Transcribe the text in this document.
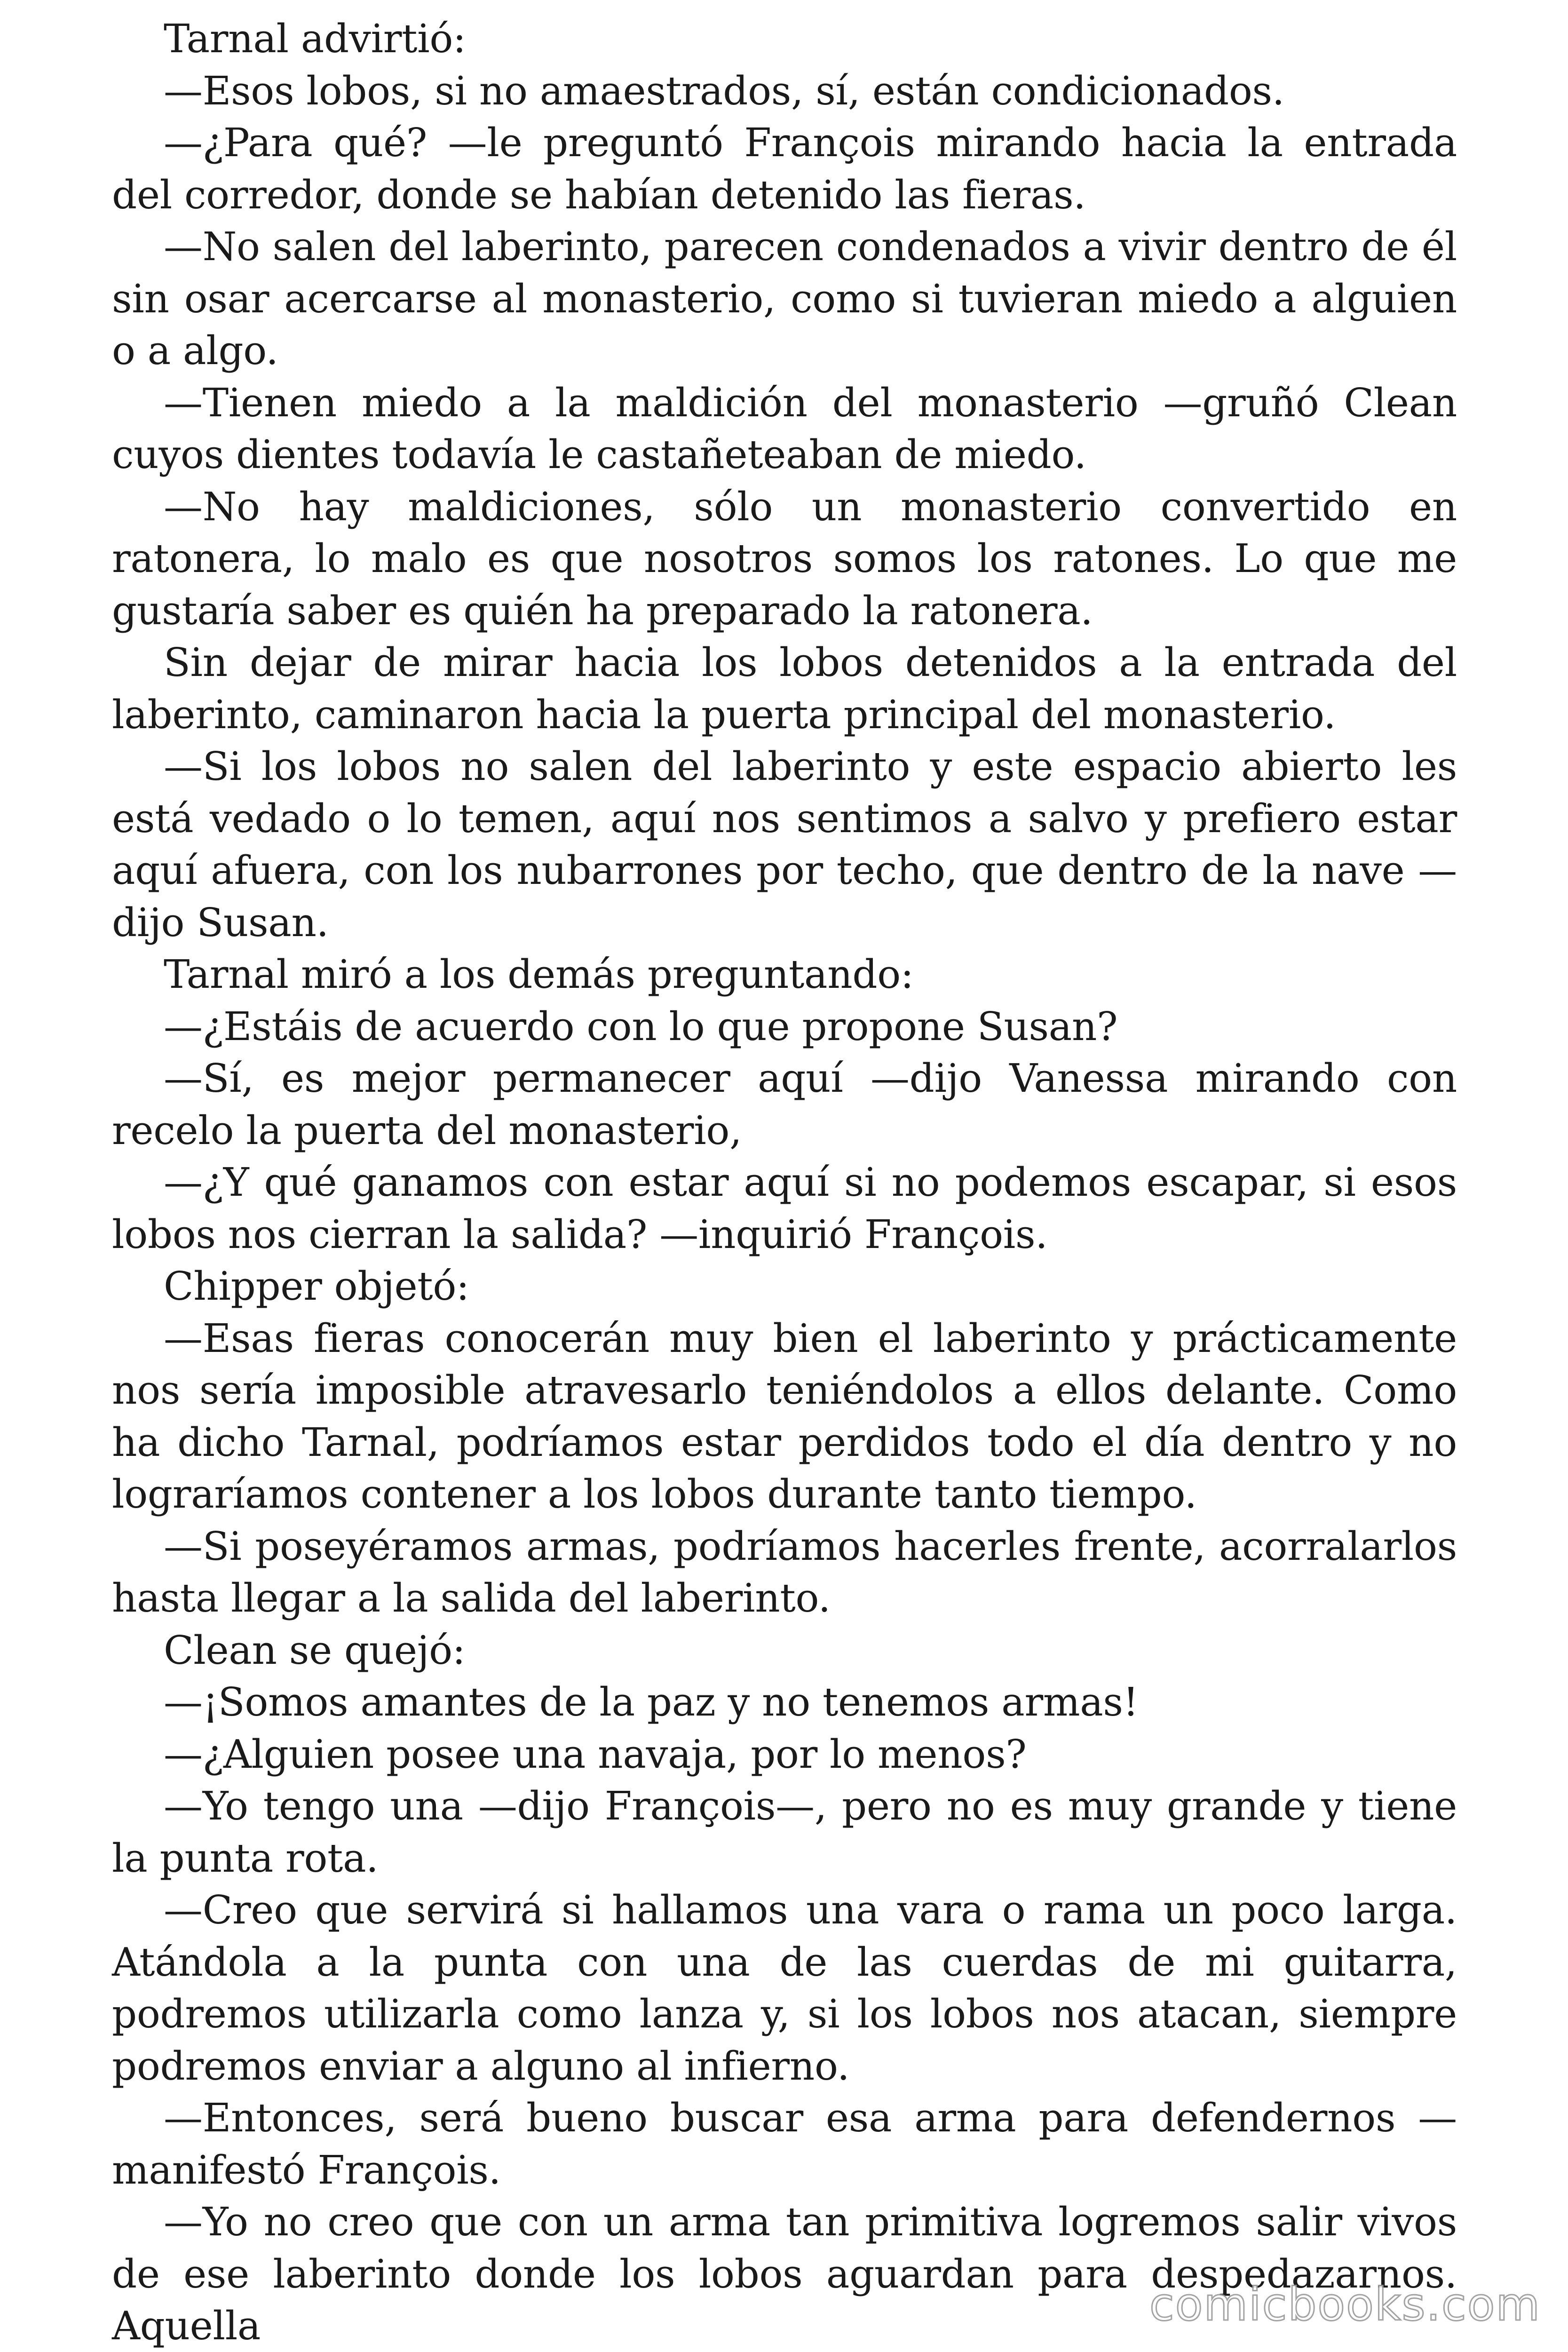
Tarnal advirtió:

—Esos lobos, si no amaestrados, sí, están condicionados.

—¿Para qué? —le preguntó François mirando hacia la entrada del corredor, donde se habían detenido las fieras.

—No salen del laberinto, parecen condenados a vivir dentro de él sin osar acercarse al monasterio, como si tuvieran miedo a alguien o a algo.

—Tienen miedo a la maldición del monasterio —gruñó Clean cuyos dientes todavía le castañeteaban de miedo.

—No hay maldiciones, sólo un monasterio convertido en ratonera, lo malo es que nosotros somos los ratones. Lo que me gustaría saber es quién ha preparado la ratonera.

Sin dejar de mirar hacia los lobos detenidos a la entrada del laberinto, caminaron hacia la puerta principal del monasterio.

—Si los lobos no salen del laberinto y este espacio abierto les está vedado o lo temen, aquí nos sentimos a salvo y prefiero estar aquí afuera, con los nubarrones por techo, que dentro de la nave —dijo Susan.

Tarnal miró a los demás preguntando:

—¿Estáis de acuerdo con lo que propone Susan?

—Sí, es mejor permanecer aquí —dijo Vanessa mirando con recelo la puerta del monasterio,

—¿Y qué ganamos con estar aquí si no podemos escapar, si esos lobos nos cierran la salida? —inquirió François.

Chipper objetó:

—Esas fieras conocerán muy bien el laberinto y prácticamente nos sería imposible atravesarlo teniéndolos a ellos delante. Como ha dicho Tarnal, podríamos estar perdidos todo el día dentro y no lograríamos contener a los lobos durante tanto tiempo.

—Si poseyéramos armas, podríamos hacerles frente, acorralarlos hasta llegar a la salida del laberinto.

Clean se quejó:

—¡Somos amantes de la paz y no tenemos armas!

—¿Alguien posee una navaja, por lo menos?

—Yo tengo una —dijo François—, pero no es muy grande y tiene la punta rota.

—Creo que servirá si hallamos una vara o rama un poco larga. Atándola a la punta con una de las cuerdas de mi guitarra, podremos utilizarla como lanza y, si los lobos nos atacan, siempre podremos enviar a alguno al infierno.

—Entonces, será bueno buscar esa arma para defendernos —manifestó François.

—Yo no creo que con un arma tan primitiva logremos salir vivos de ese laberinto donde los lobos aguardan para despedazarnos. Aquella	comicbooks.com
